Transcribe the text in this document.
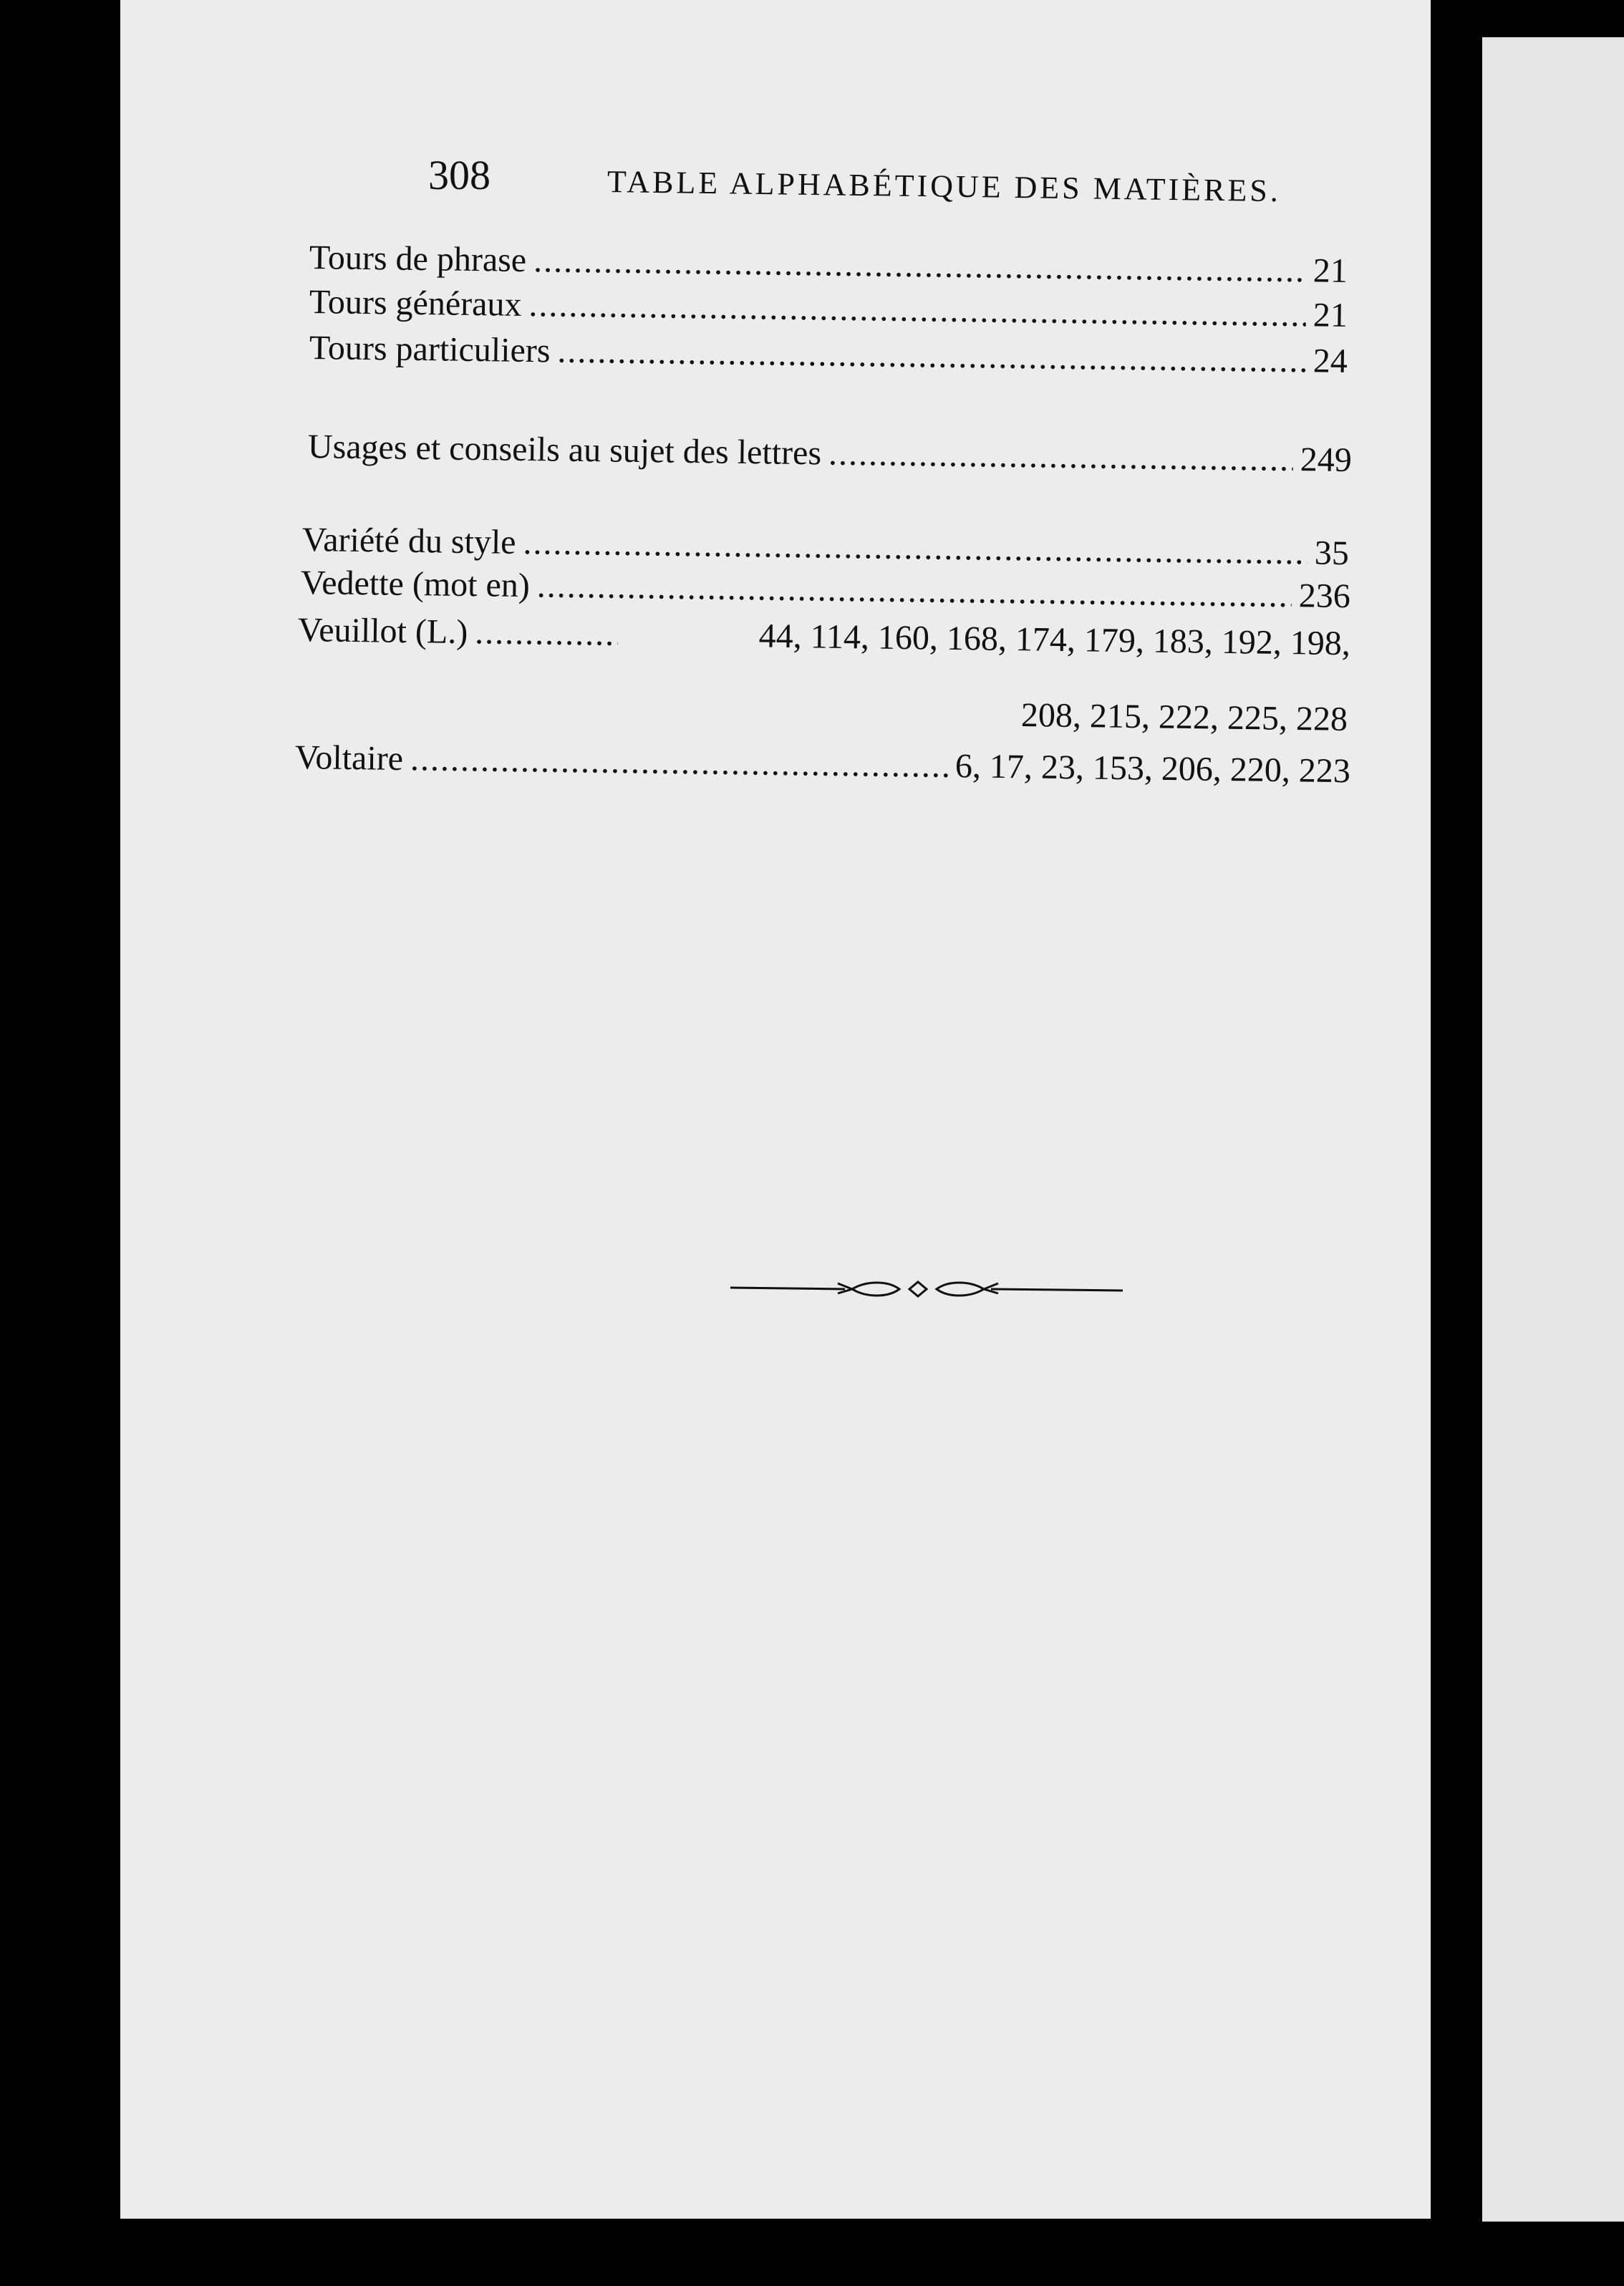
308	TABLE ALPHABÉTIQUE DES MATIÈRES.
Tours de phrase .....	21
Tours généraux .....	21
Tours particuliers .....	24
Usages et conseils au sujet des lettres .....	249
Variété du style .....	35
Vedette (mot en) .....	236
Veuillot (L.) .....	44, 114, 160, 168, 174, 179, 183, 192, 198,
208, 215, 222, 225, 228
Voltaire .....	6, 17, 23, 153, 206, 220, 223
